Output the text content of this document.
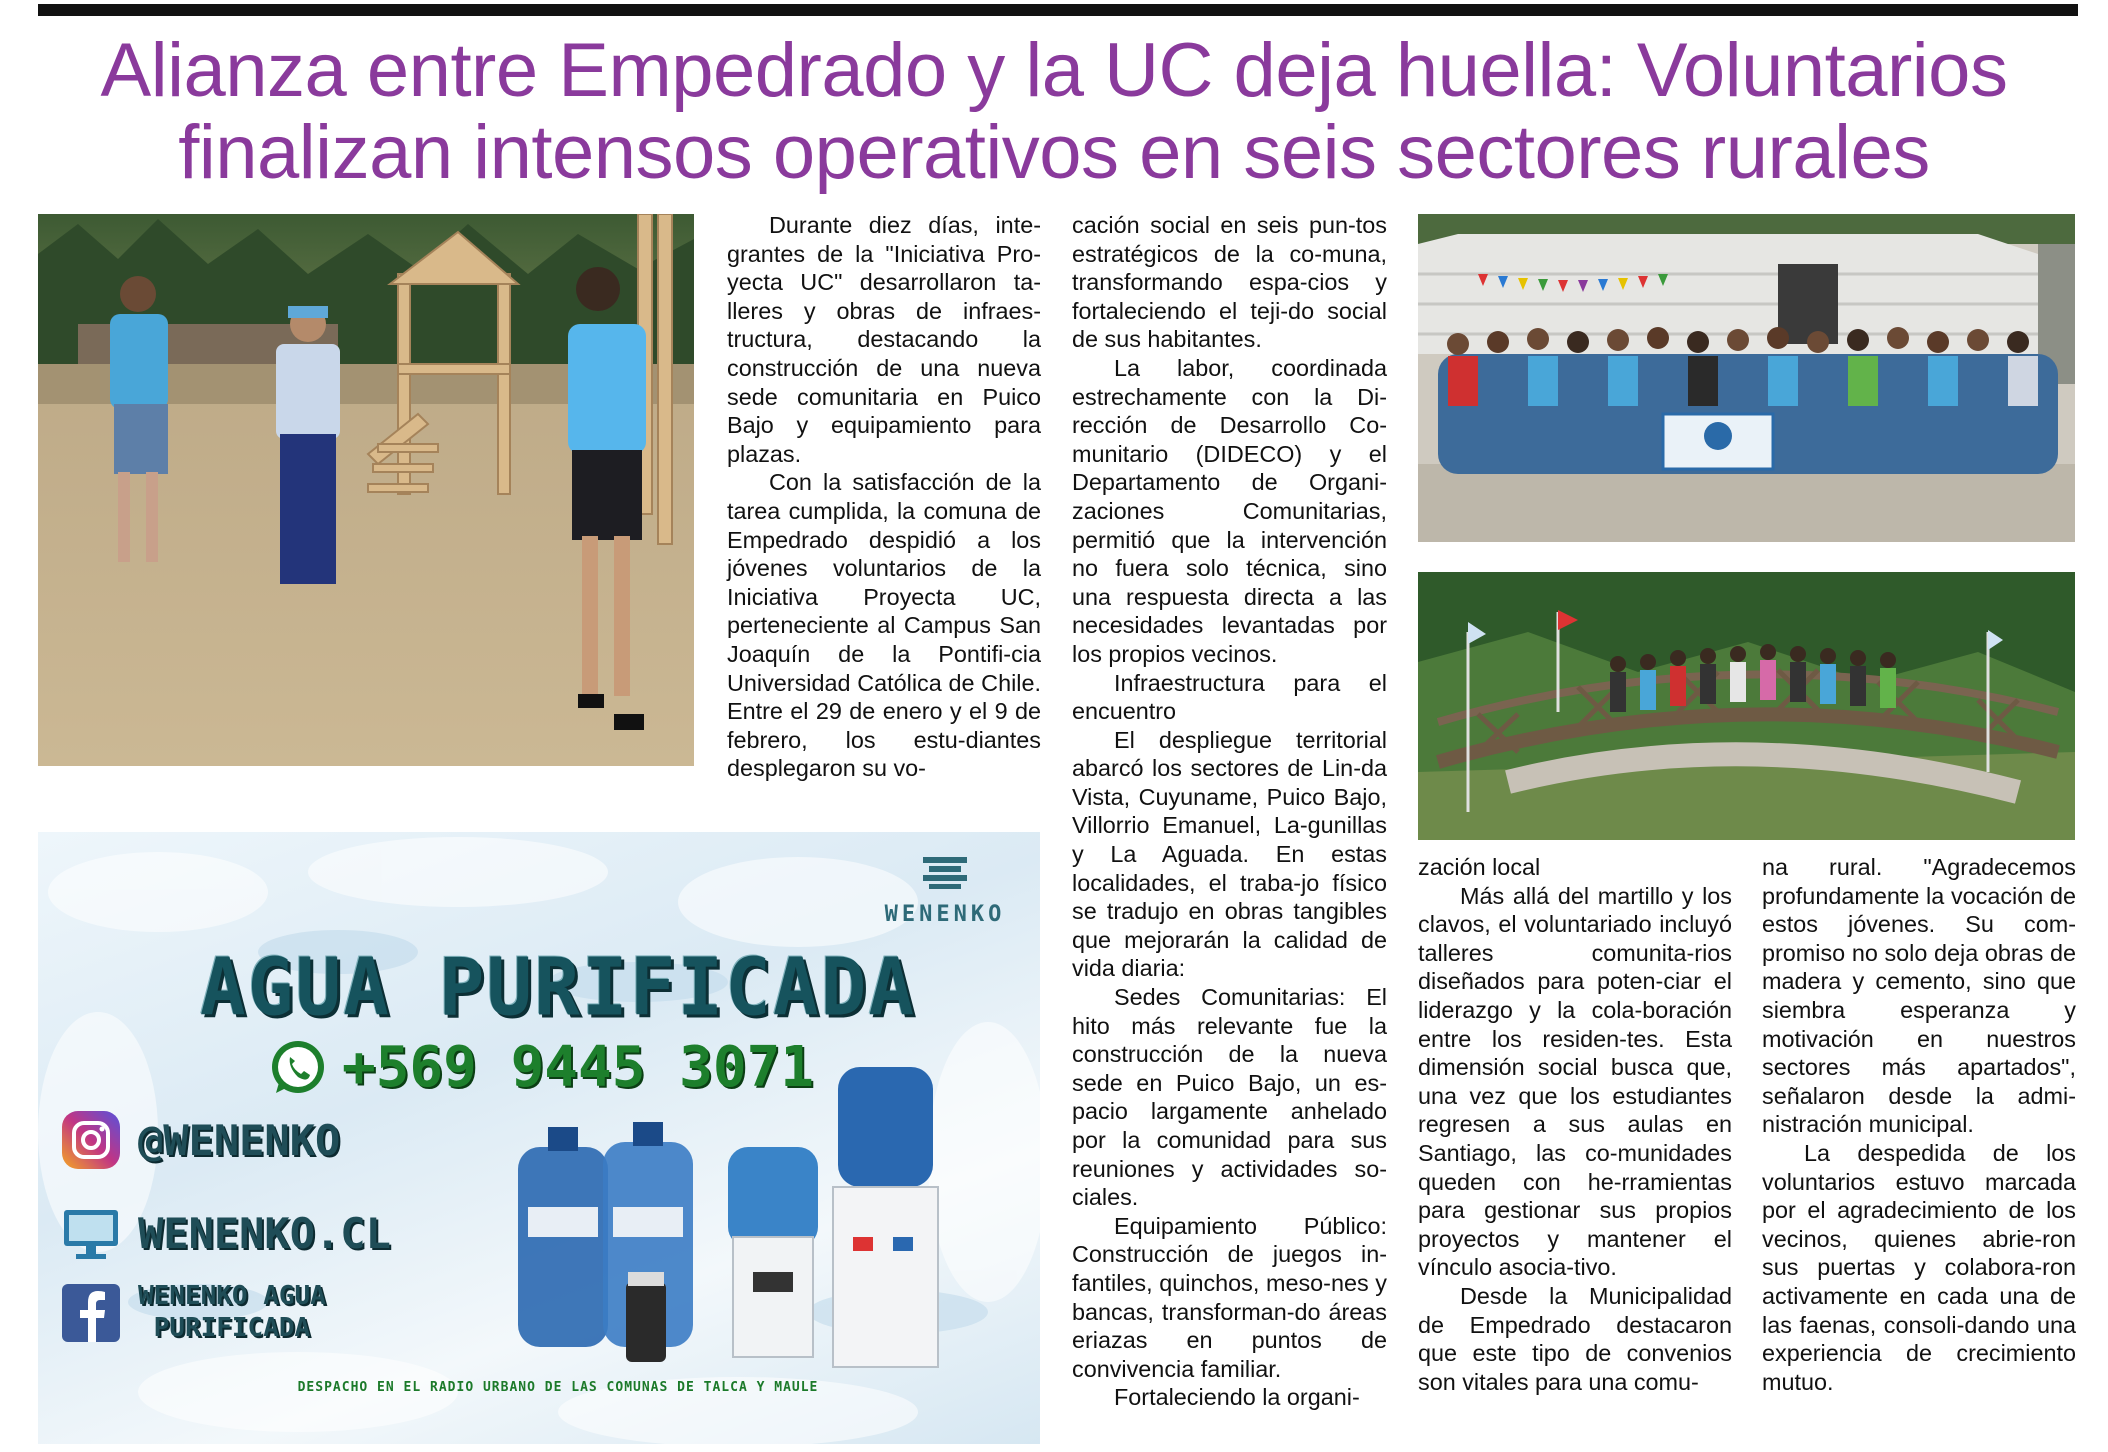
Alianza entre Empedrado y la UC deja huella: Voluntarios
finalizan intensos operativos en seis sectores rurales

Durante diez días, inte-grantes de la "Iniciativa Pro-yecta UC" desarrollaron ta-lleres y obras de infraes-tructura, destacando la construcción de una nueva sede comunitaria en Puico Bajo y equipamiento para plazas.

Con la satisfacción de la tarea cumplida, la comuna de Empedrado despidió a los jóvenes voluntarios de la Iniciativa Proyecta UC, perteneciente al Campus San Joaquín de la Pontifi-cia Universidad Católica de Chile. Entre el 29 de enero y el 9 de febrero, los estu-diantes desplegaron su vo-

cación social en seis pun-tos estratégicos de la co-muna, transformando espa-cios y fortaleciendo el teji-do social de sus habitantes.

La labor, coordinada estrechamente con la Di-rección de Desarrollo Co-munitario (DIDECO) y el Departamento de Organi-zaciones Comunitarias, permitió que la intervención no fuera solo técnica, sino una respuesta directa a las necesidades levantadas por los propios vecinos.

Infraestructura para el encuentro

El despliegue territorial abarcó los sectores de Lin-da Vista, Cuyuname, Puico Bajo, Villorrio Emanuel, La-gunillas y La Aguada. En estas localidades, el traba-jo físico se tradujo en obras tangibles que mejorarán la calidad de vida diaria:

Sedes Comunitarias: El hito más relevante fue la construcción de la nueva sede en Puico Bajo, un es-pacio largamente anhelado por la comunidad para sus reuniones y actividades so-ciales.

Equipamiento Público: Construcción de juegos in-fantiles, quinchos, meso-nes y bancas, transforman-do áreas eriazas en puntos de convivencia familiar.

Fortaleciendo la organi-

zación local

Más allá del martillo y los clavos, el voluntariado incluyó talleres comunita-rios diseñados para poten-ciar el liderazgo y la cola-boración entre los residen-tes. Esta dimensión social busca que, una vez que los estudiantes regresen a sus aulas en Santiago, las co-munidades queden con he-rramientas para gestionar sus propios proyectos y mantener el vínculo asocia-tivo.

Desde la Municipalidad de Empedrado destacaron que este tipo de convenios son vitales para una comu-

na rural. "Agradecemos profundamente la vocación de estos jóvenes. Su com-promiso no solo deja obras de madera y cemento, sino que siembra esperanza y motivación en nuestros sectores más apartados", señalaron desde la admi-nistración municipal.

La despedida de los voluntarios estuvo marcada por el agradecimiento de los vecinos, quienes abrie-ron sus puertas y colabora-ron activamente en cada una de las faenas, consoli-dando una experiencia de crecimiento mutuo.

WENENKO
AGUA PURIFICADA
+569 9445 3071
@WENENKO
WENENKO.CL
WENENKO AGUA
PURIFICADA
DESPACHO EN EL RADIO URBANO DE LAS COMUNAS DE TALCA Y MAULE
